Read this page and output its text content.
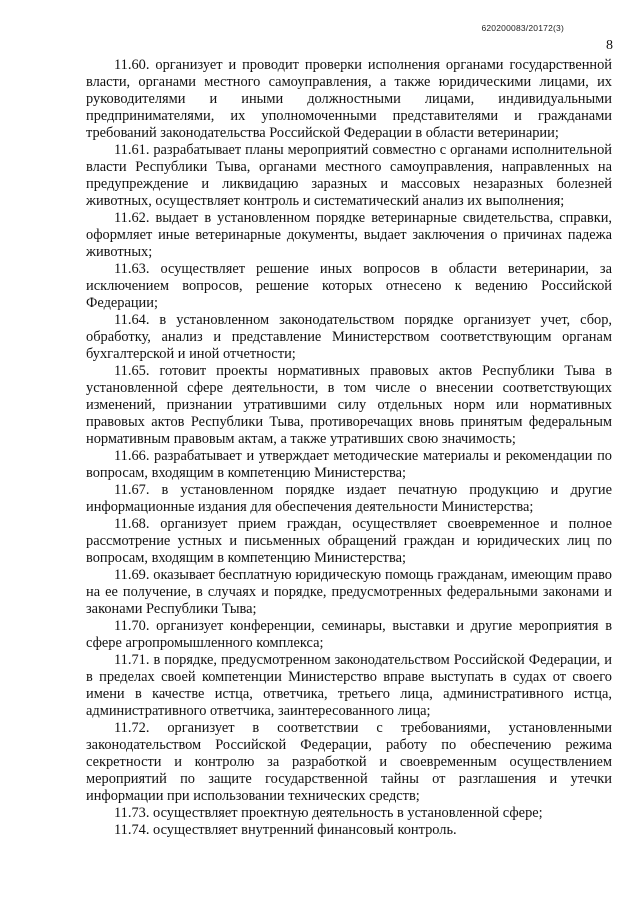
620200083/20172(3)
8

11.60. организует и проводит проверки исполнения органами государственной власти, органами местного самоуправления, а также юридическими лицами, их руководителями и иными должностными лицами, индивидуальными предпринимателями, их уполномоченными представителями и гражданами требований законодательства Российской Федерации в области ветеринарии;

11.61. разрабатывает планы мероприятий совместно с органами исполнительной власти Республики Тыва, органами местного самоуправления, направленных на предупреждение и ликвидацию заразных и массовых незаразных болезней животных, осуществляет контроль и систематический анализ их выполнения;

11.62. выдает в установленном порядке ветеринарные свидетельства, справки, оформляет иные ветеринарные документы, выдает заключения о причинах падежа животных;

11.63. осуществляет решение иных вопросов в области ветеринарии, за исключением вопросов, решение которых отнесено к ведению Российской Федерации;

11.64. в установленном законодательством порядке организует учет, сбор, обработку, анализ и представление Министерством соответствующим органам бухгалтерской и иной отчетности;

11.65. готовит проекты нормативных правовых актов Республики Тыва в установленной сфере деятельности, в том числе о внесении соответствующих изменений, признании утратившими силу отдельных норм или нормативных правовых актов Республики Тыва, противоречащих вновь принятым федеральным нормативным правовым актам, а также утративших свою значимость;

11.66. разрабатывает и утверждает методические материалы и рекомендации по вопросам, входящим в компетенцию Министерства;

11.67. в установленном порядке издает печатную продукцию и другие информационные издания для обеспечения деятельности Министерства;

11.68. организует прием граждан, осуществляет своевременное и полное рассмотрение устных и письменных обращений граждан и юридических лиц по вопросам, входящим в компетенцию Министерства;

11.69. оказывает бесплатную юридическую помощь гражданам, имеющим право на ее получение, в случаях и порядке, предусмотренных федеральными законами и законами Республики Тыва;

11.70. организует конференции, семинары, выставки и другие мероприятия в сфере агропромышленного комплекса;

11.71. в порядке, предусмотренном законодательством Российской Федерации, и в пределах своей компетенции Министерство вправе выступать в судах от своего имени в качестве истца, ответчика, третьего лица, административного истца, административного ответчика, заинтересованного лица;

11.72. организует в соответствии с требованиями, установленными законодательством Российской Федерации, работу по обеспечению режима секретности и контролю за разработкой и своевременным осуществлением мероприятий по защите государственной тайны от разглашения и утечки информации при использовании технических средств;

11.73. осуществляет проектную деятельность в установленной сфере;

11.74. осуществляет внутренний финансовый контроль.
